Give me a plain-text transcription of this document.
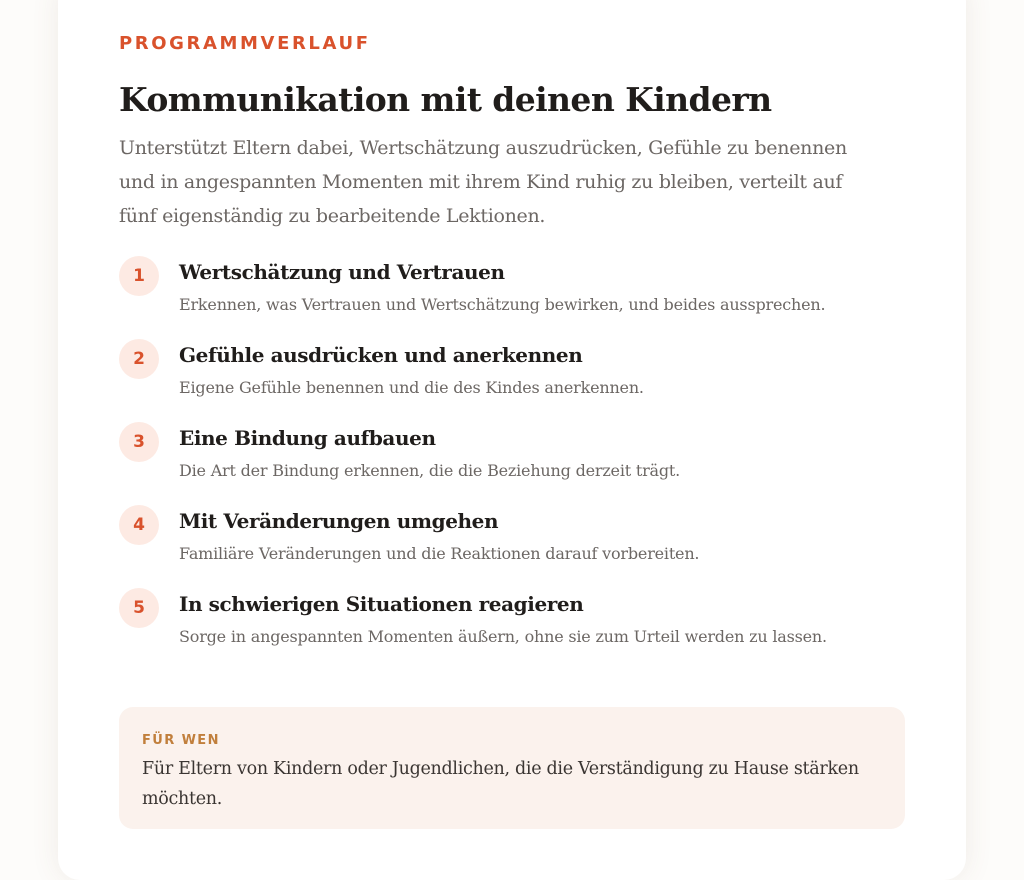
PROGRAMMVERLAUF
Kommunikation mit deinen Kindern

Unterstützt Eltern dabei, Wertschätzung auszudrücken, Gefühle zu benennen und in angespannten Momenten mit ihrem Kind ruhig zu bleiben, verteilt auf fünf eigenständig zu bearbeitende Lektionen.

1	Wertschätzung und Vertrauen
Erkennen, was Vertrauen und Wertschätzung bewirken, und beides aussprechen.
2	Gefühle ausdrücken und anerkennen
Eigene Gefühle benennen und die des Kindes anerkennen.
3	Eine Bindung aufbauen
Die Art der Bindung erkennen, die die Beziehung derzeit trägt.
4	Mit Veränderungen umgehen
Familiäre Veränderungen und die Reaktionen darauf vorbereiten.
5	In schwierigen Situationen reagieren
Sorge in angespannten Momenten äußern, ohne sie zum Urteil werden zu lassen.
FÜR WEN
Für Eltern von Kindern oder Jugendlichen, die die Verständigung zu Hause stärken möchten.
